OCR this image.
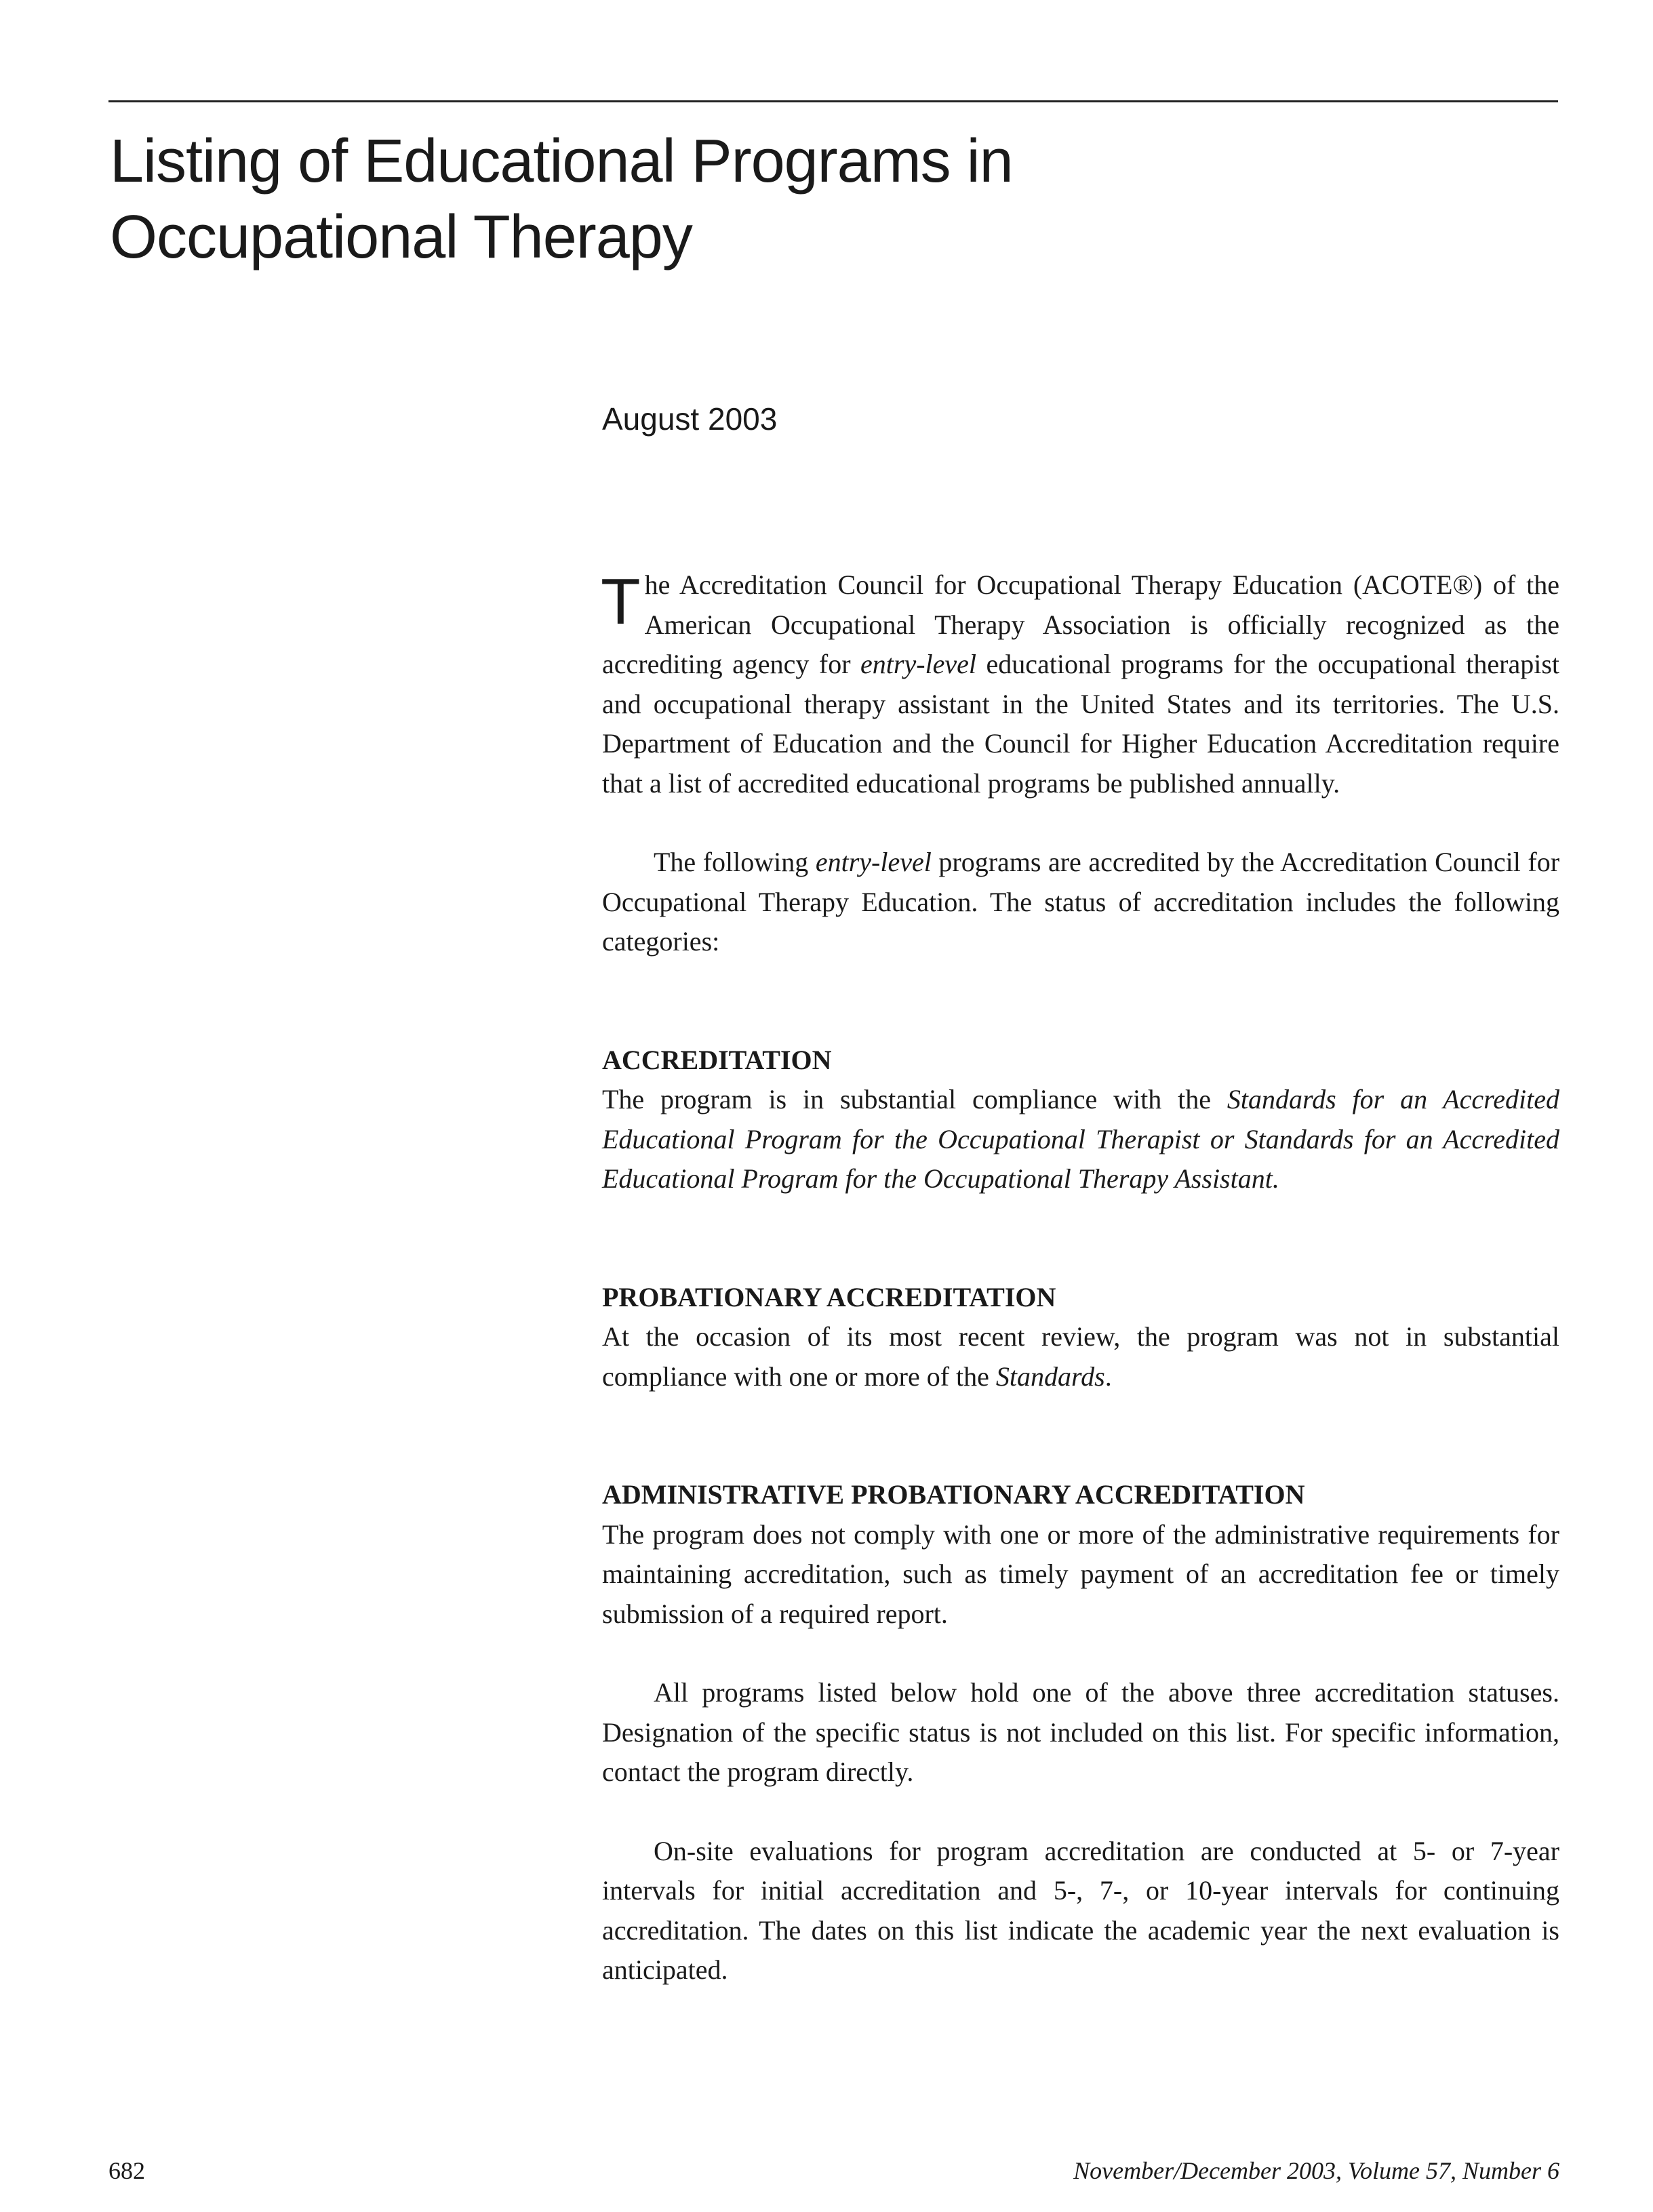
Listing of Educational Programs in
Occupational Therapy
August 2003

The Accreditation Council for Occupational Therapy Education (ACOTE®) of the American Occupational Therapy Association is officially recognized as the accrediting agency for entry-level educational programs for the occupational therapist and occupational therapy assistant in the United States and its territories. The U.S. Department of Education and the Council for Higher Education Accreditation require that a list of accredited educational programs be published annually.

The following entry-level programs are accredited by the Accreditation Council for Occupational Therapy Education. The status of accreditation includes the following categories:

ACCREDITATION

The program is in substantial compliance with the Standards for an Accredited Educational Program for the Occupational Therapist or Standards for an Accredited Educational Program for the Occupational Therapy Assistant.

PROBATIONARY ACCREDITATION

At the occasion of its most recent review, the program was not in substantial compliance with one or more of the Standards.

ADMINISTRATIVE PROBATIONARY ACCREDITATION

The program does not comply with one or more of the administrative requirements for maintaining accreditation, such as timely payment of an accreditation fee or timely submission of a required report.

All programs listed below hold one of the above three accreditation statuses. Designation of the specific status is not included on this list. For specific information, contact the program directly.

On-site evaluations for program accreditation are conducted at 5- or 7-year intervals for initial accreditation and 5-, 7-, or 10-year intervals for continuing accreditation. The dates on this list indicate the academic year the next evaluation is anticipated.

682	November/December 2003, Volume 57, Number 6
